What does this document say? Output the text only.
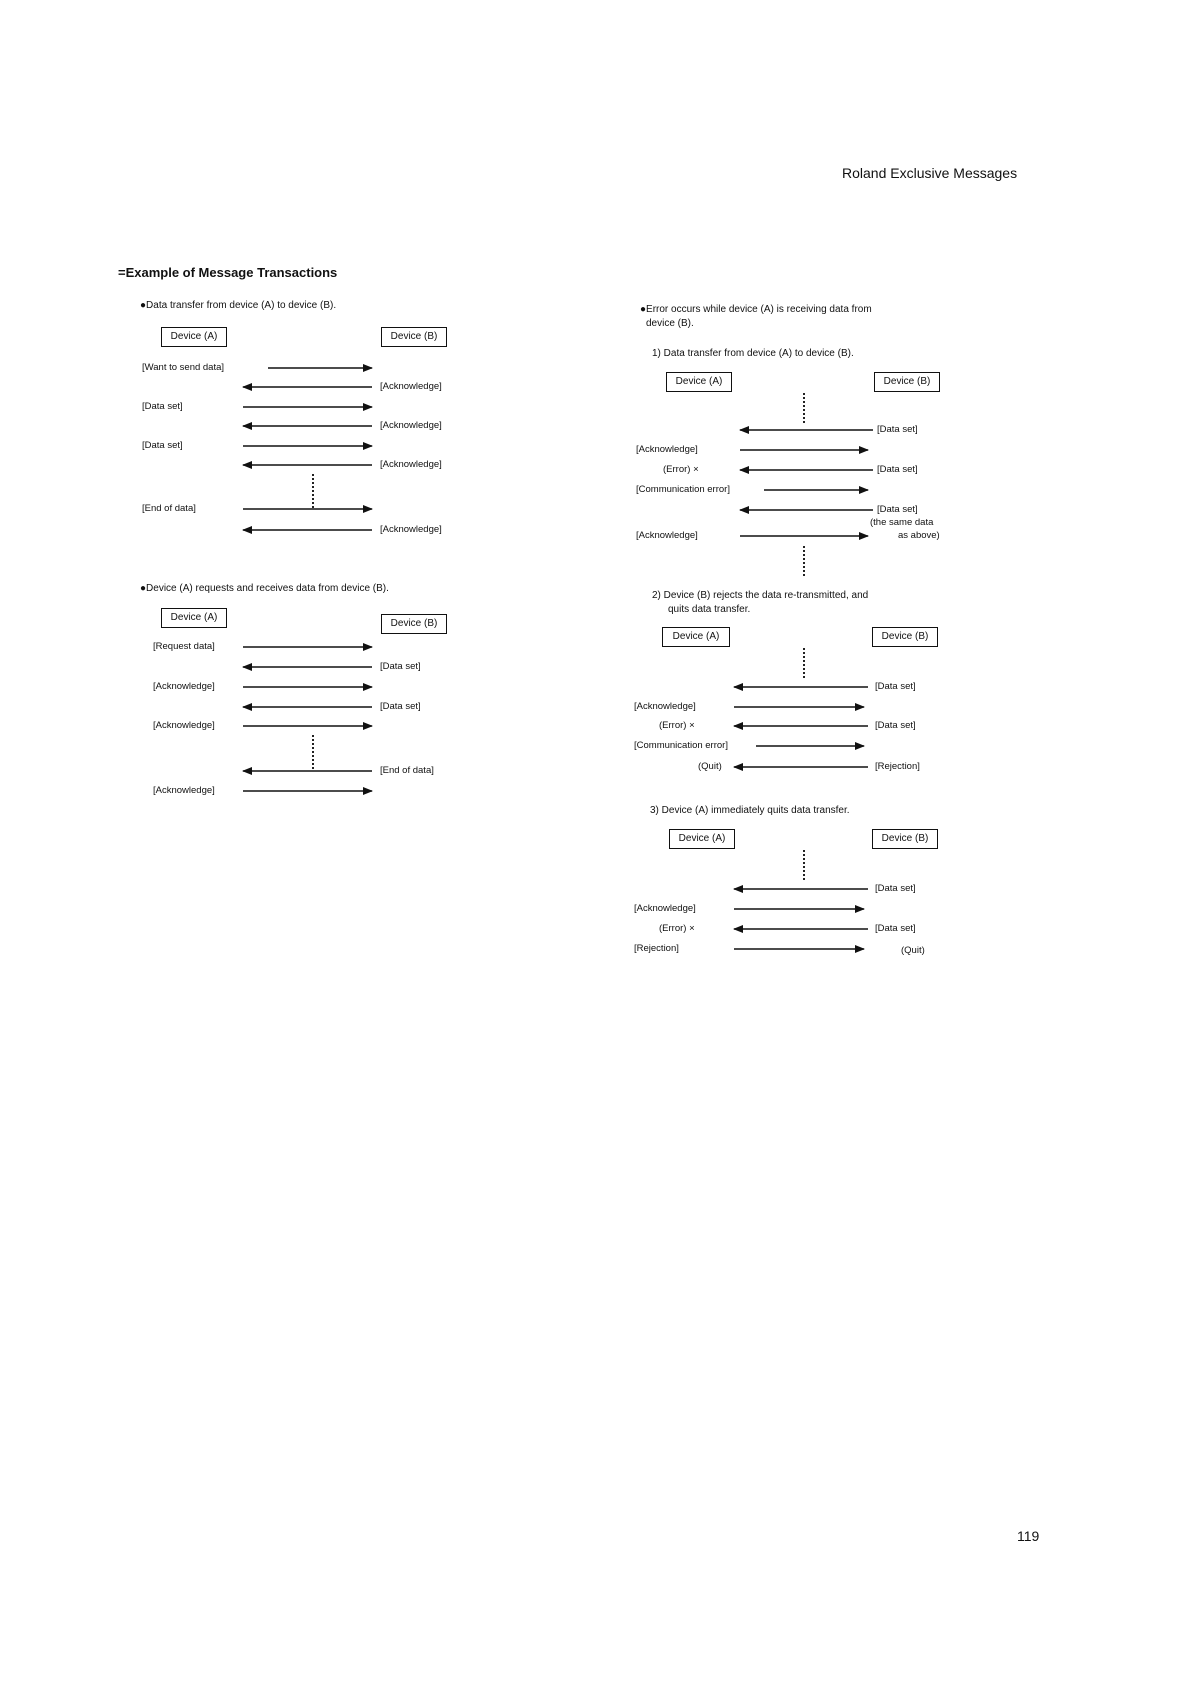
Roland Exclusive Messages
=Example of Message Transactions
●Data transfer from device (A) to device (B).
Device (A)	Device (B)
[Want to send data]
[Acknowledge]
[Data set]
[Acknowledge]
[Data set]
[Acknowledge]
[End of data]
[Acknowledge]
●Device (A) requests and receives data from device (B).
Device (A)
Device (B)
[Request data]
[Data set]
[Acknowledge]
[Data set]
[Acknowledge]
[End of data]
[Acknowledge]
●Error occurs while device (A) is receiving data from
device (B).
1) Data transfer from device (A) to device (B).
Device (A)	Device (B)
[Data set]
[Acknowledge]
(Error) ×	[Data set]
[Communication error]
[Data set]
(the same data
as above)
[Acknowledge]
2) Device (B) rejects the data re-transmitted, and
quits data transfer.
Device (A)	Device (B)
[Data set]
[Acknowledge]
(Error) ×	[Data set]
[Communication error]
(Quit)	[Rejection]
3) Device (A) immediately quits data transfer.
Device (A)	Device (B)
[Data set]
[Acknowledge]
(Error) ×	[Data set]
[Rejection]	(Quit)
119
